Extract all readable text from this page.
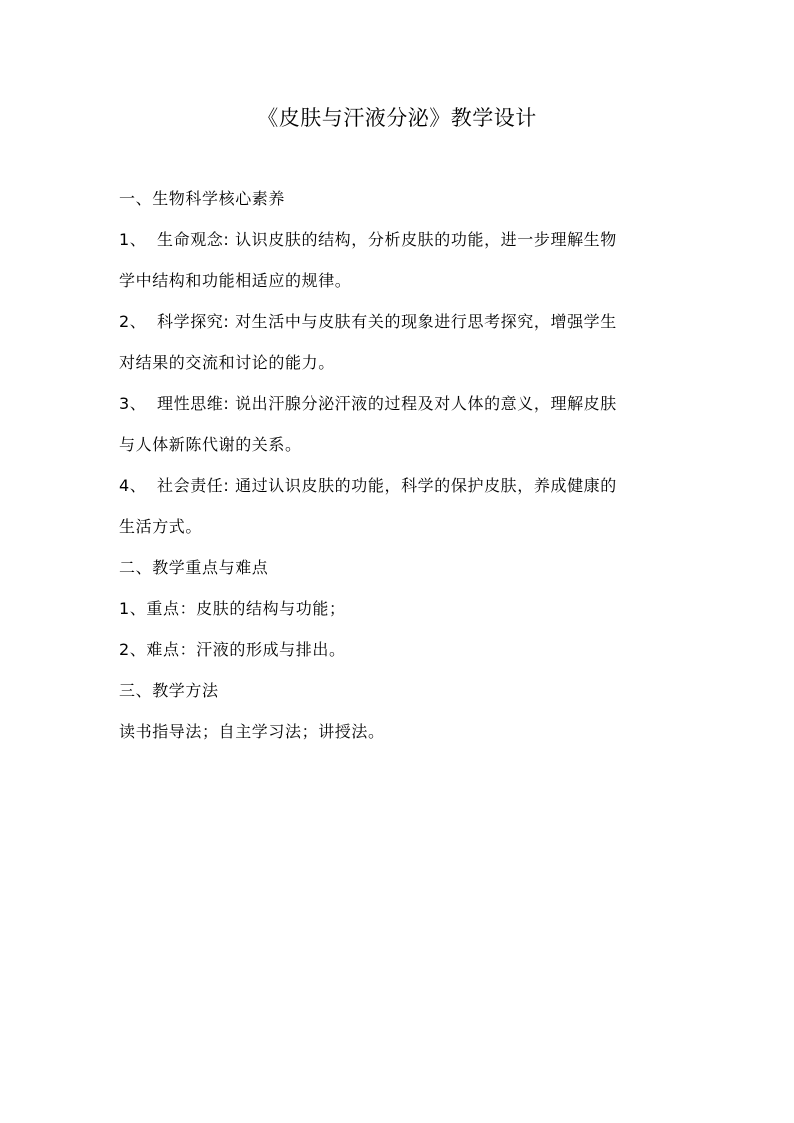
《皮肤与汗液分泌》教学设计
一、生物科学核心素养
1、 生命观念: 认识皮肤的结构，分析皮肤的功能，进一步理解生物
学中结构和功能相适应的规律。
2、 科学探究: 对生活中与皮肤有关的现象进行思考探究，增强学生
对结果的交流和讨论的能力。
3、 理性思维: 说出汗腺分泌汗液的过程及对人体的意义，理解皮肤
与人体新陈代谢的关系。
4、 社会责任: 通过认识皮肤的功能，科学的保护皮肤，养成健康的
生活方式。
二、教学重点与难点
1、重点：皮肤的结构与功能；
2、难点：汗液的形成与排出。
三、教学方法
读书指导法；自主学习法；讲授法。
